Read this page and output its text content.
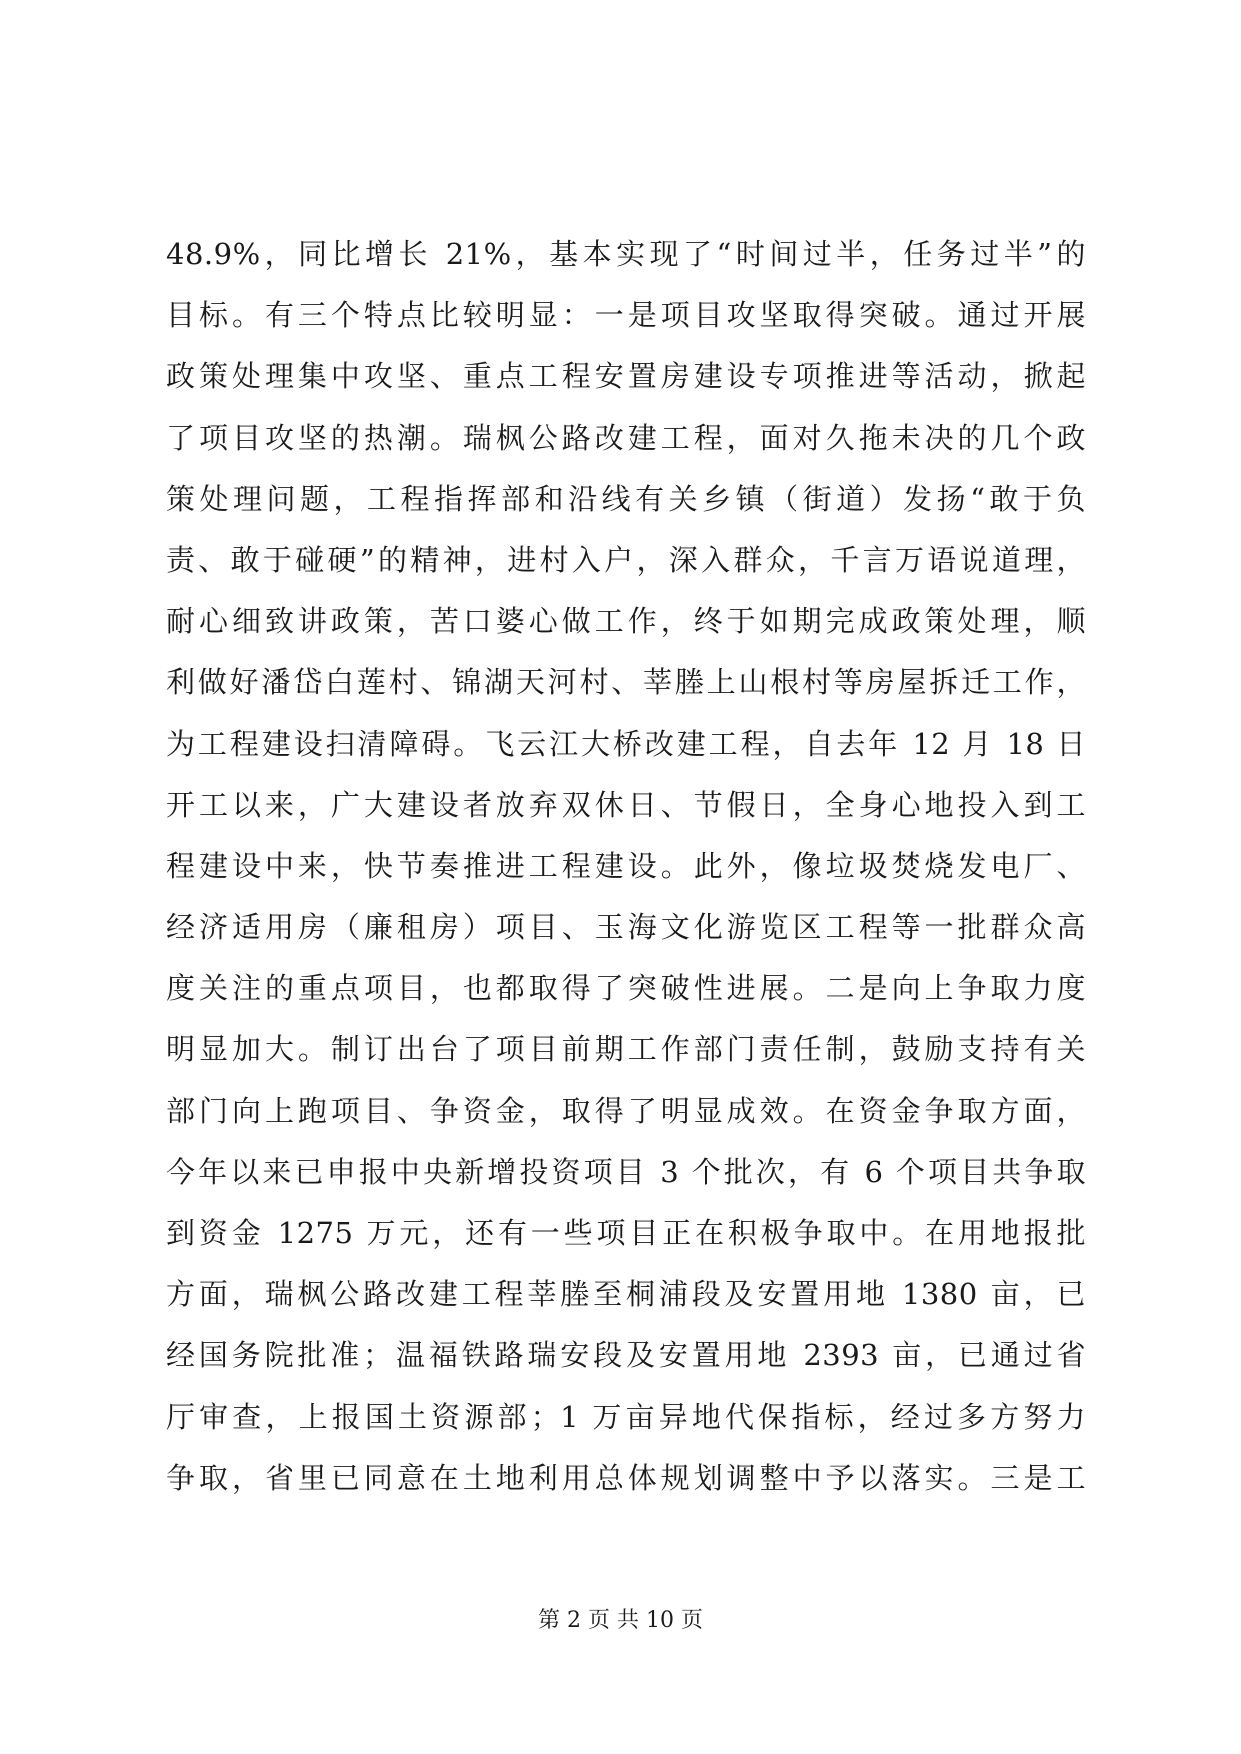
48.9%，同比增长 21%，基本实现了“时间过半，任务过半”的
目标。有三个特点比较明显：一是项目攻坚取得突破。通过开展
政策处理集中攻坚、重点工程安置房建设专项推进等活动，掀起
了项目攻坚的热潮。瑞枫公路改建工程，面对久拖未决的几个政
策处理问题，工程指挥部和沿线有关乡镇（街道）发扬“敢于负
责、敢于碰硬”的精神，进村入户，深入群众，千言万语说道理，
耐心细致讲政策，苦口婆心做工作，终于如期完成政策处理，顺
利做好潘岱白莲村、锦湖天河村、莘塍上山根村等房屋拆迁工作，
为工程建设扫清障碍。飞云江大桥改建工程，自去年 12 月 18 日
开工以来，广大建设者放弃双休日、节假日，全身心地投入到工
程建设中来，快节奏推进工程建设。此外，像垃圾焚烧发电厂、
经济适用房（廉租房）项目、玉海文化游览区工程等一批群众高
度关注的重点项目，也都取得了突破性进展。二是向上争取力度
明显加大。制订出台了项目前期工作部门责任制，鼓励支持有关
部门向上跑项目、争资金，取得了明显成效。在资金争取方面，
今年以来已申报中央新增投资项目 3 个批次，有 6 个项目共争取
到资金 1275 万元，还有一些项目正在积极争取中。在用地报批
方面，瑞枫公路改建工程莘塍至桐浦段及安置用地 1380 亩，已
经国务院批准；温福铁路瑞安段及安置用地 2393 亩，已通过省
厅审查，上报国土资源部；1 万亩异地代保指标，经过多方努力
争取，省里已同意在土地利用总体规划调整中予以落实。三是工
第 2 页 共 10 页
